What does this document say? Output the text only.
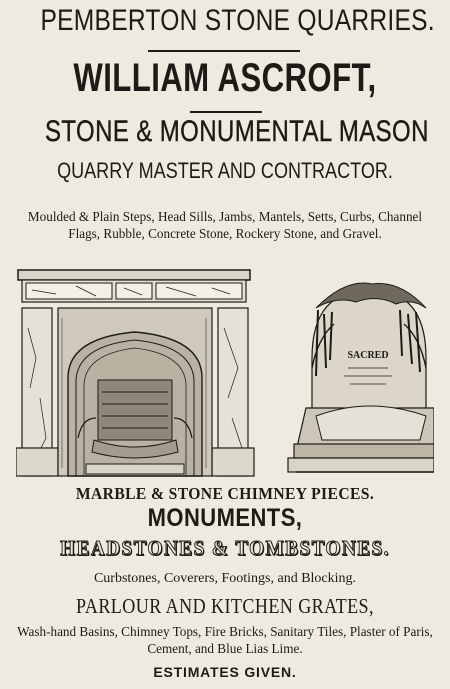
PEMBERTON STONE QUARRIES.
WILLIAM ASCROFT,
STONE & MONUMENTAL MASON
QUARRY MASTER AND CONTRACTOR.
Moulded & Plain Steps, Head Sills, Jambs, Mantels, Setts, Curbs, Channel Flags, Rubble, Concrete Stone, Rockery Stone, and Gravel.
SACRED
MARBLE & STONE CHIMNEY PIECES.
MONUMENTS,
HEADSTONES & TOMBSTONES.
Curbstones, Coverers, Footings, and Blocking.
PARLOUR AND KITCHEN GRATES,
Wash-hand Basins, Chimney Tops, Fire Bricks, Sanitary Tiles, Plaster of Paris, Cement, and Blue Lias Lime.
ESTIMATES GIVEN.
